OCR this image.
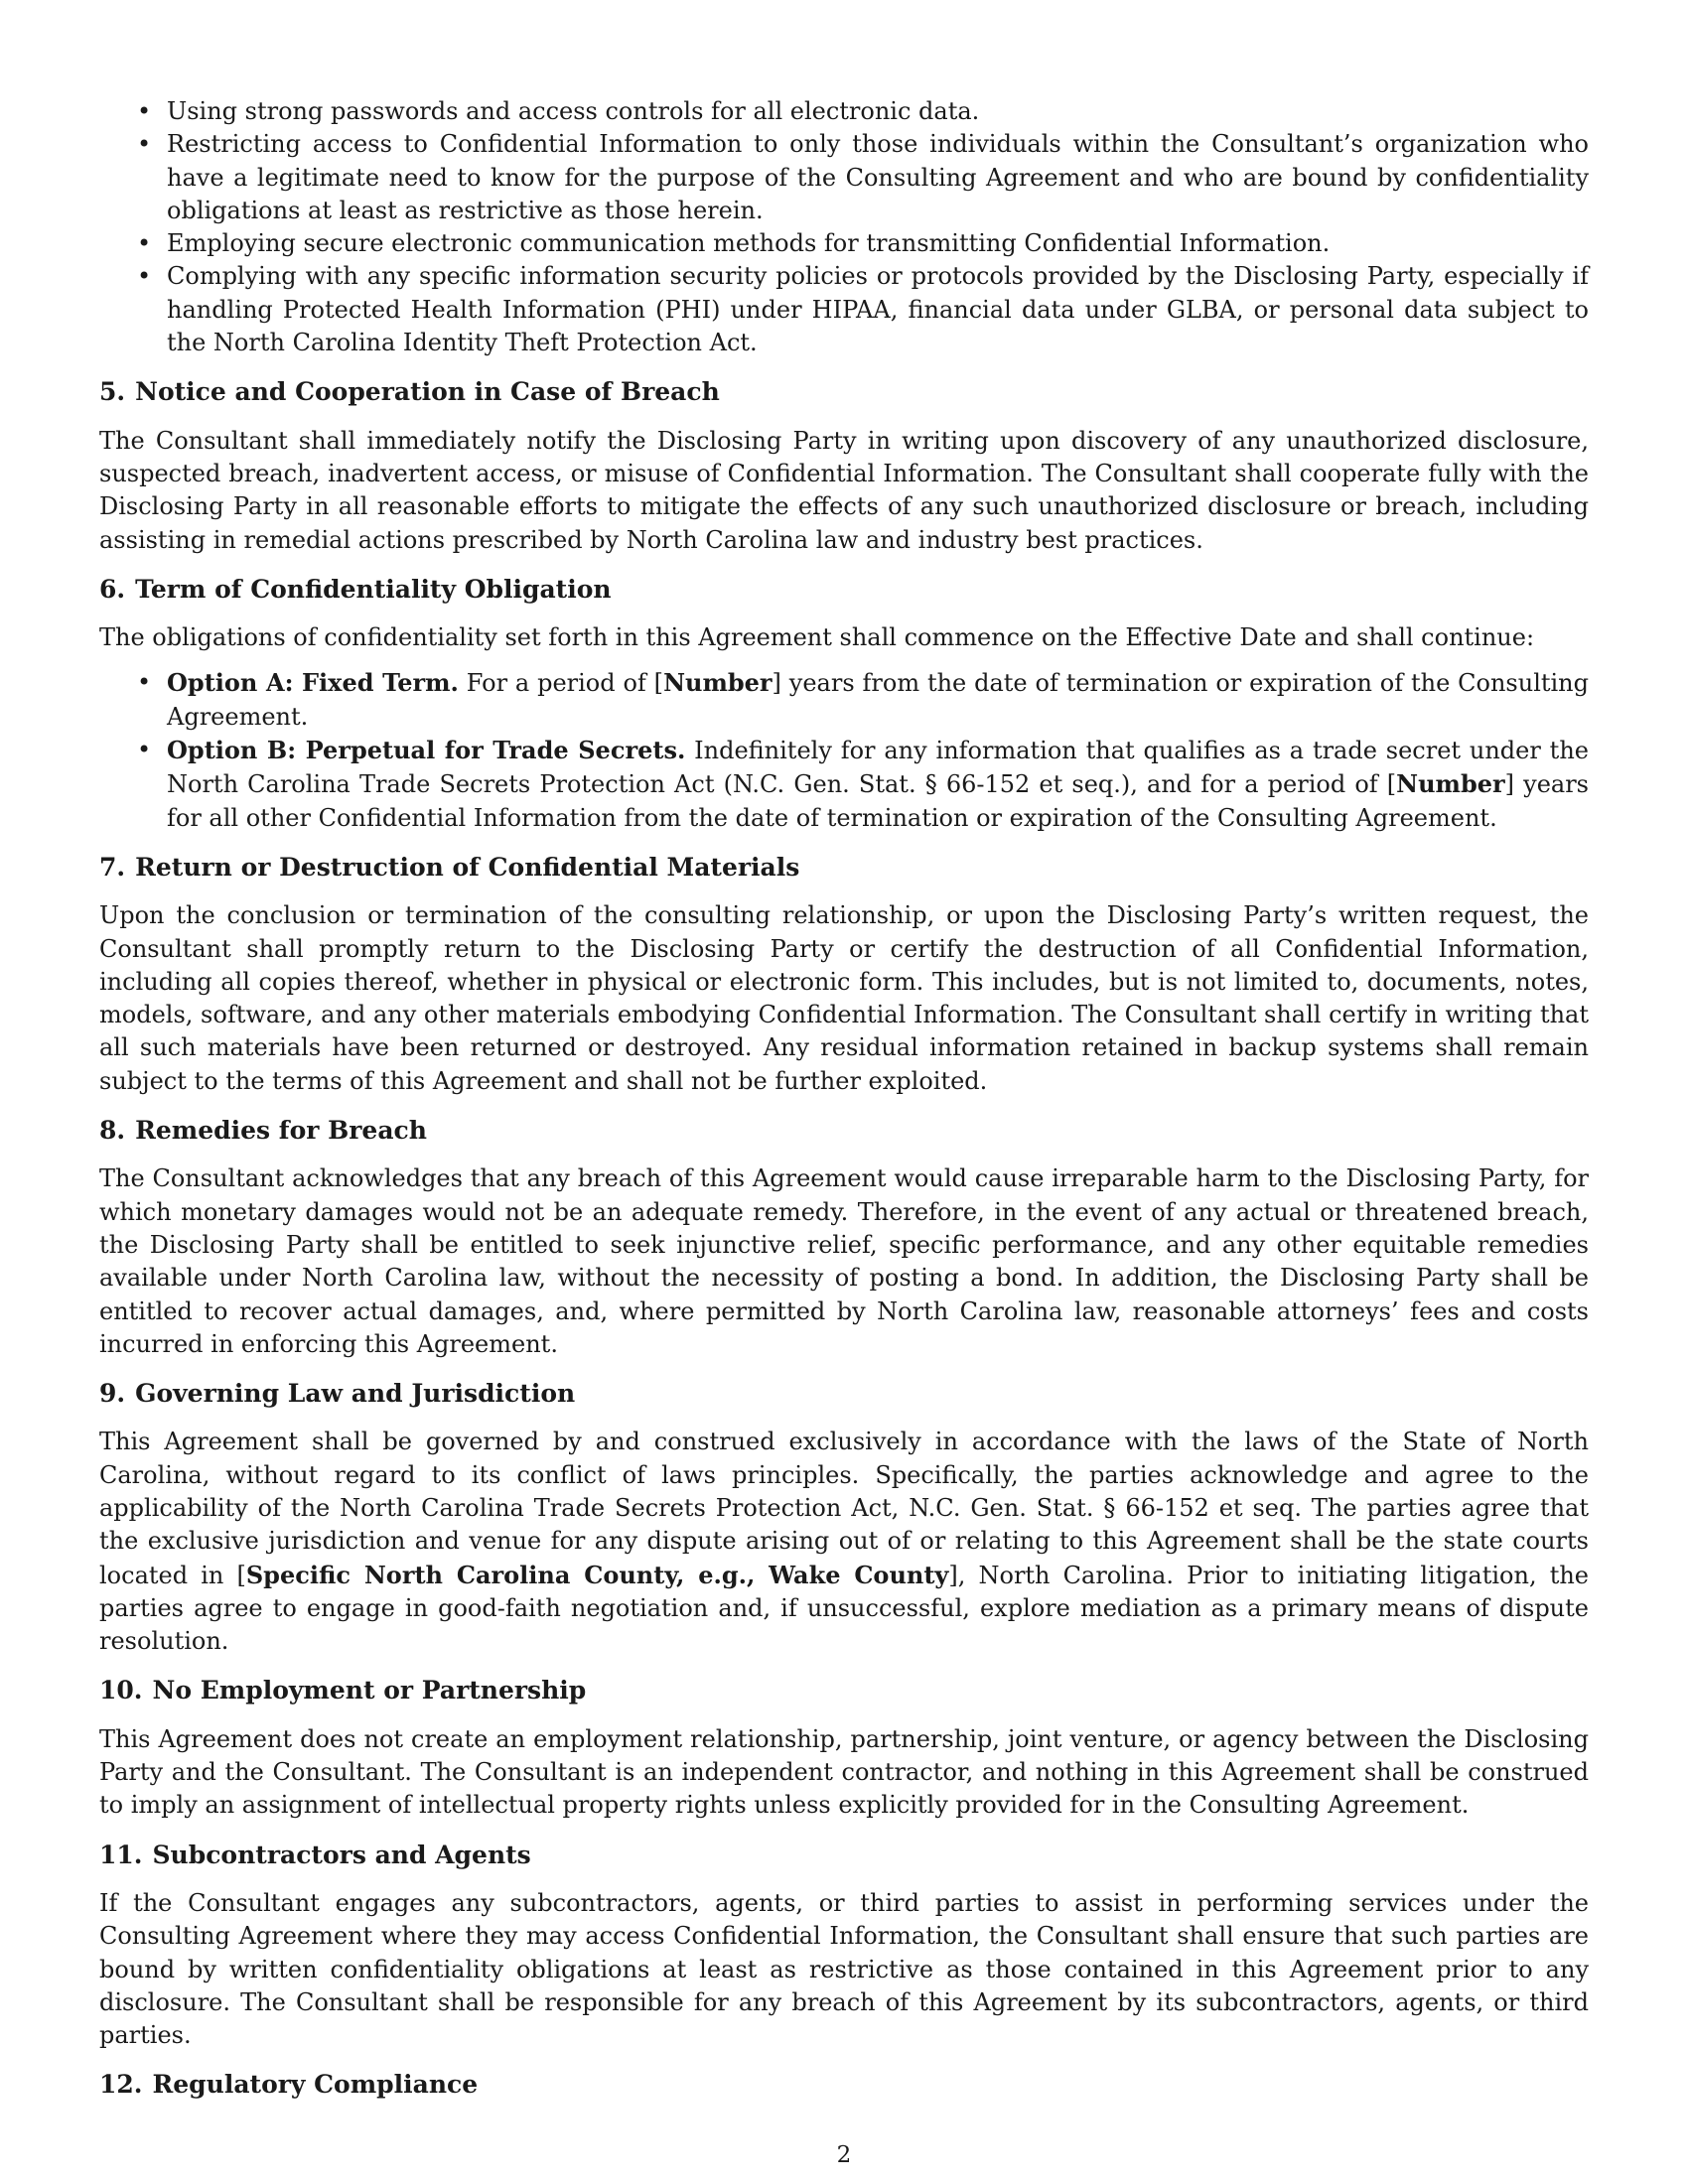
• Using strong passwords and access controls for all electronic data.
• Restricting access to Confidential Information to only those individuals within the Consultant’s organization who have a legitimate need to know for the purpose of the Consulting Agreement and who are bound by confidentiality obligations at least as restrictive as those herein.
• Employing secure electronic communication methods for transmitting Confidential Information.
• Complying with any specific information security policies or protocols provided by the Disclosing Party, especially if handling Protected Health Information (PHI) under HIPAA, financial data under GLBA, or personal data subject to the North Carolina Identity Theft Protection Act.
5. Notice and Cooperation in Case of Breach

The Consultant shall immediately notify the Disclosing Party in writing upon discovery of any unauthorized disclosure, suspected breach, inadvertent access, or misuse of Confidential Information. The Consultant shall cooperate fully with the Disclosing Party in all reasonable efforts to mitigate the effects of any such unauthorized disclosure or breach, including assisting in remedial actions prescribed by North Carolina law and industry best practices.

6. Term of Confidentiality Obligation

The obligations of confidentiality set forth in this Agreement shall commence on the Effective Date and shall continue:

• Option A: Fixed Term. For a period of [Number] years from the date of termination or expiration of the Consulting Agreement.
• Option B: Perpetual for Trade Secrets. Indefinitely for any information that qualifies as a trade secret under the North Carolina Trade Secrets Protection Act (N.C. Gen. Stat. § 66-152 et seq.), and for a period of [Number] years for all other Confidential Information from the date of termination or expiration of the Consulting Agreement.
7. Return or Destruction of Confidential Materials

Upon the conclusion or termination of the consulting relationship, or upon the Disclosing Party’s written request, the Consultant shall promptly return to the Disclosing Party or certify the destruction of all Confidential Information, including all copies thereof, whether in physical or electronic form. This includes, but is not limited to, documents, notes, models, software, and any other materials embodying Confidential Information. The Consultant shall certify in writing that all such materials have been returned or destroyed. Any residual information retained in backup systems shall remain subject to the terms of this Agreement and shall not be further exploited.

8. Remedies for Breach

The Consultant acknowledges that any breach of this Agreement would cause irreparable harm to the Disclosing Party, for which monetary damages would not be an adequate remedy. Therefore, in the event of any actual or threatened breach, the Disclosing Party shall be entitled to seek injunctive relief, specific performance, and any other equitable remedies available under North Carolina law, without the necessity of posting a bond. In addition, the Disclosing Party shall be entitled to recover actual damages, and, where permitted by North Carolina law, reasonable attorneys’ fees and costs incurred in enforcing this Agreement.

9. Governing Law and Jurisdiction

This Agreement shall be governed by and construed exclusively in accordance with the laws of the State of North Carolina, without regard to its conflict of laws principles. Specifically, the parties acknowledge and agree to the applicability of the North Carolina Trade Secrets Protection Act, N.C. Gen. Stat. § 66-152 et seq. The parties agree that the exclusive jurisdiction and venue for any dispute arising out of or relating to this Agreement shall be the state courts located in [Specific North Carolina County, e.g., Wake County], North Carolina. Prior to initiating litigation, the parties agree to engage in good-faith negotiation and, if unsuccessful, explore mediation as a primary means of dispute resolution.

10. No Employment or Partnership

This Agreement does not create an employment relationship, partnership, joint venture, or agency between the Disclosing Party and the Consultant. The Consultant is an independent contractor, and nothing in this Agreement shall be construed to imply an assignment of intellectual property rights unless explicitly provided for in the Consulting Agreement.

11. Subcontractors and Agents

If the Consultant engages any subcontractors, agents, or third parties to assist in performing services under the Consulting Agreement where they may access Confidential Information, the Consultant shall ensure that such parties are bound by written confidentiality obligations at least as restrictive as those contained in this Agreement prior to any disclosure. The Consultant shall be responsible for any breach of this Agreement by its subcontractors, agents, or third parties.

12. Regulatory Compliance
2
